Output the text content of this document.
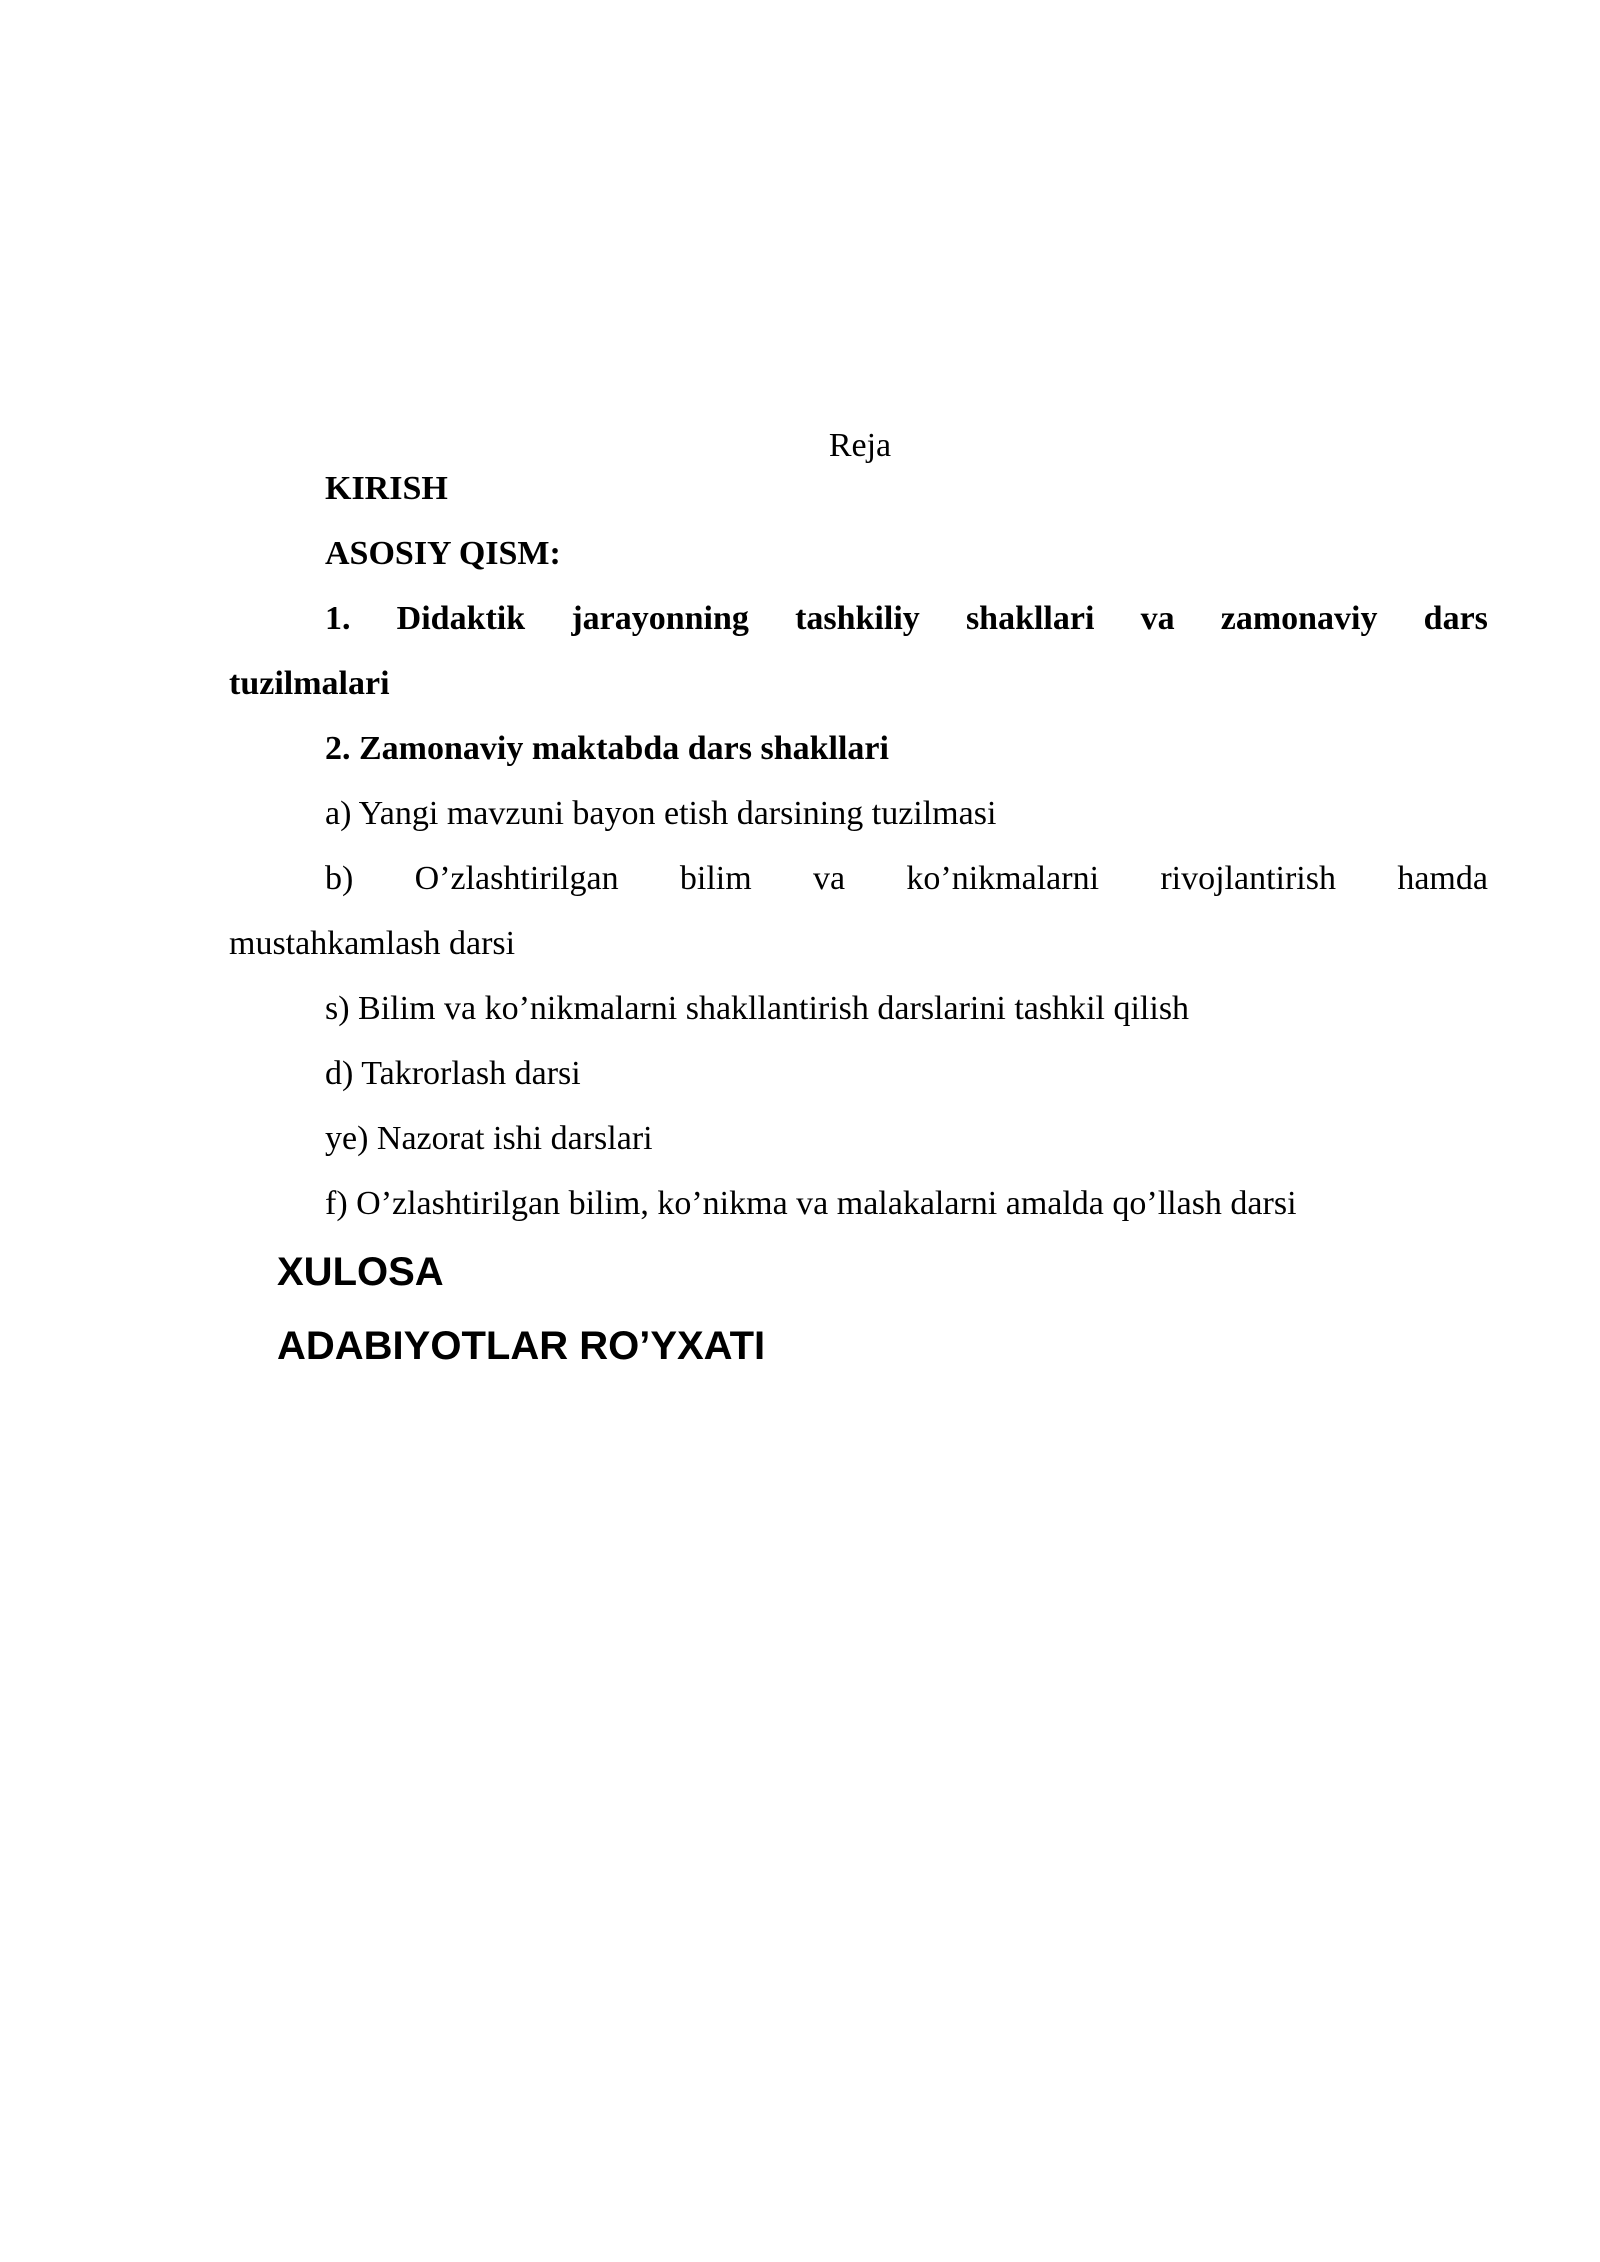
Reja
KIRISH
ASOSIY QISM:
1. Didaktik jarayonning tashkiliy shakllari va zamonaviy dars
tuzilmalari
2. Zamonaviy maktabda dars shakllari
a) Yangi mavzuni bayon etish darsining tuzilmasi
b) O’zlashtirilgan bilim va ko’nikmalarni rivojlantirish hamda
mustahkamlash darsi
s) Bilim va ko’nikmalarni shakllantirish darslarini tashkil qilish
d) Takrorlash darsi
ye) Nazorat ishi darslari
f) O’zlashtirilgan bilim, ko’nikma va malakalarni amalda qo’llash darsi
XULOSA
ADABIYOTLAR RO’YXATI
